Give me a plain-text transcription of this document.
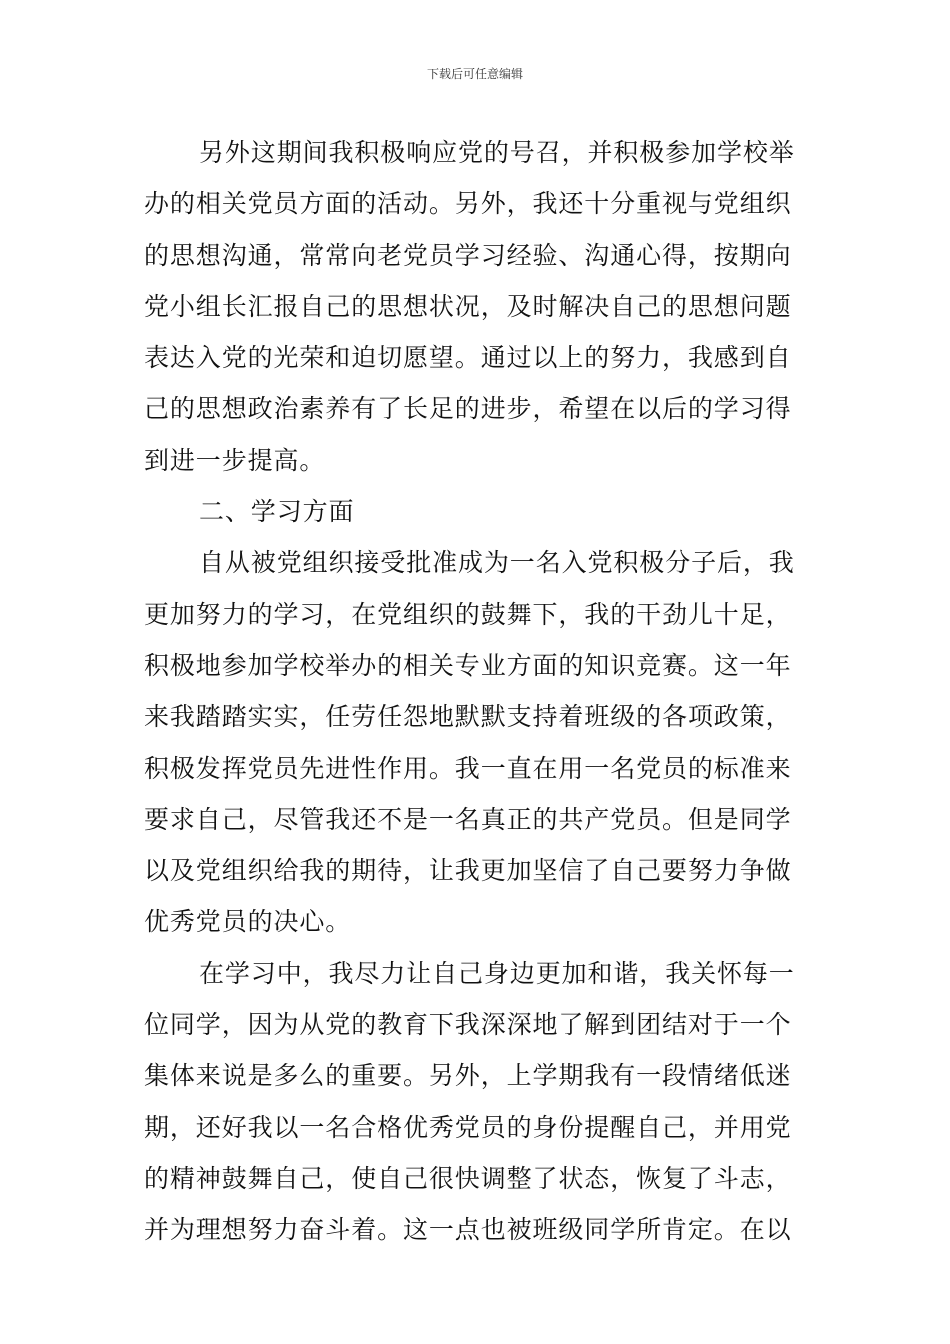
下载后可任意编辑
另外这期间我积极响应党的号召，并积极参加学校举
办的相关党员方面的活动。另外，我还十分重视与党组织
的思想沟通，常常向老党员学习经验、沟通心得，按期向
党小组长汇报自己的思想状况，及时解决自己的思想问题
表达入党的光荣和迫切愿望。通过以上的努力，我感到自
己的思想政治素养有了长足的进步，希望在以后的学习得
到进一步提高。
二、学习方面
自从被党组织接受批准成为一名入党积极分子后，我
更加努力的学习，在党组织的鼓舞下，我的干劲儿十足，
积极地参加学校举办的相关专业方面的知识竞赛。这一年
来我踏踏实实，任劳任怨地默默支持着班级的各项政策，
积极发挥党员先进性作用。我一直在用一名党员的标准来
要求自己，尽管我还不是一名真正的共产党员。但是同学
以及党组织给我的期待，让我更加坚信了自己要努力争做
优秀党员的决心。
在学习中，我尽力让自己身边更加和谐，我关怀每一
位同学，因为从党的教育下我深深地了解到团结对于一个
集体来说是多么的重要。另外，上学期我有一段情绪低迷
期，还好我以一名合格优秀党员的身份提醒自己，并用党
的精神鼓舞自己，使自己很快调整了状态，恢复了斗志，
并为理想努力奋斗着。这一点也被班级同学所肯定。在以
